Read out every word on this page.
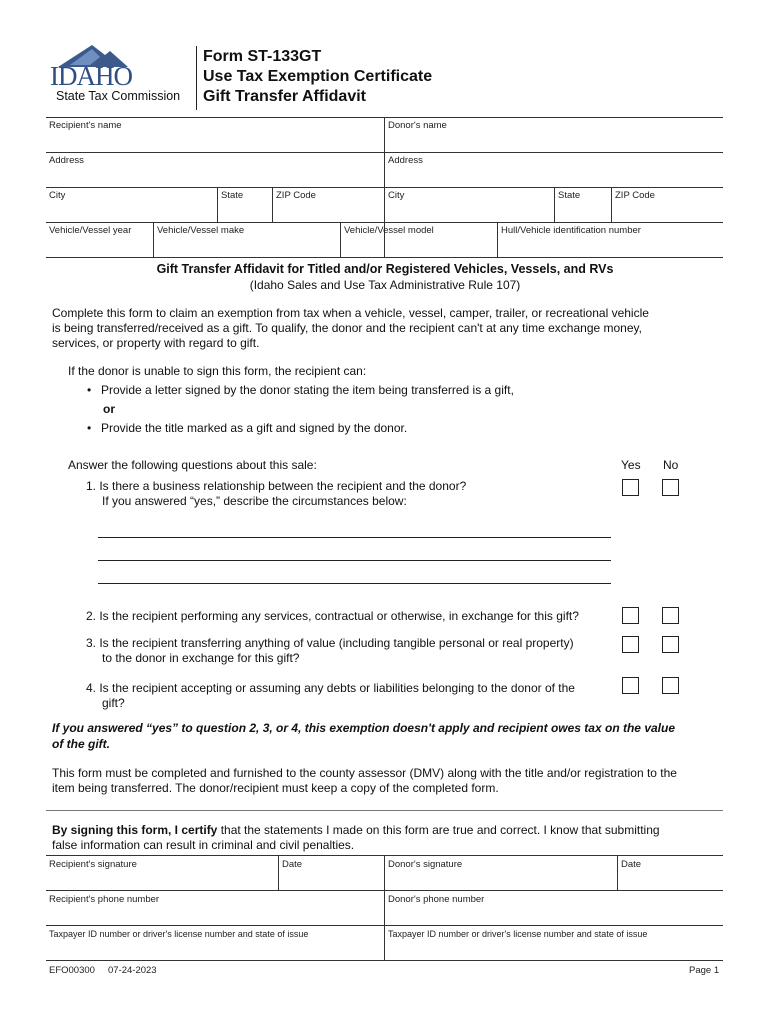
IDAHO
State Tax Commission
Form ST-133GT
Use Tax Exemption Certificate
Gift Transfer Affidavit
Recipient's name	Donor's name
Address	Address
City	State	ZIP Code	City	State	ZIP Code
Vehicle/Vessel year	Vehicle/Vessel make	Vehicle/Vessel model	Hull/Vehicle identification number
Gift Transfer Affidavit for Titled and/or Registered Vehicles, Vessels, and RVs
(Idaho Sales and Use Tax Administrative Rule 107)
Complete this form to claim an exemption from tax when a vehicle, vessel, camper, trailer, or recreational vehicle
is being transferred/received as a gift. To qualify, the donor and the recipient can't at any time exchange money,
services, or property with regard to gift.
If the donor is unable to sign this form, the recipient can:
• Provide a letter signed by the donor stating the item being transferred is a gift,
or
• Provide the title marked as a gift and signed by the donor.
Answer the following questions about this sale:	Yes No
1. Is there a business relationship between the recipient and the donor?
If you answered “yes,” describe the circumstances below:
2. Is the recipient performing any services, contractual or otherwise, in exchange for this gift?
3. Is the recipient transferring anything of value (including tangible personal or real property)
to the donor in exchange for this gift?
4. Is the recipient accepting or assuming any debts or liabilities belonging to the donor of the
gift?
If you answered “yes” to question 2, 3, or 4, this exemption doesn't apply and recipient owes tax on the value
of the gift.
This form must be completed and furnished to the county assessor (DMV) along with the title and/or registration to the
item being transferred. The donor/recipient must keep a copy of the completed form.
By signing this form, I certify that the statements I made on this form are true and correct. I know that submitting
false information can result in criminal and civil penalties.
Recipient's signature	Date	Donor's signature	Date
Recipient's phone number	Donor's phone number
Taxpayer ID number or driver's license number and state of issue	Taxpayer ID number or driver's license number and state of issue
EFO00300 07-24-2023	Page 1
